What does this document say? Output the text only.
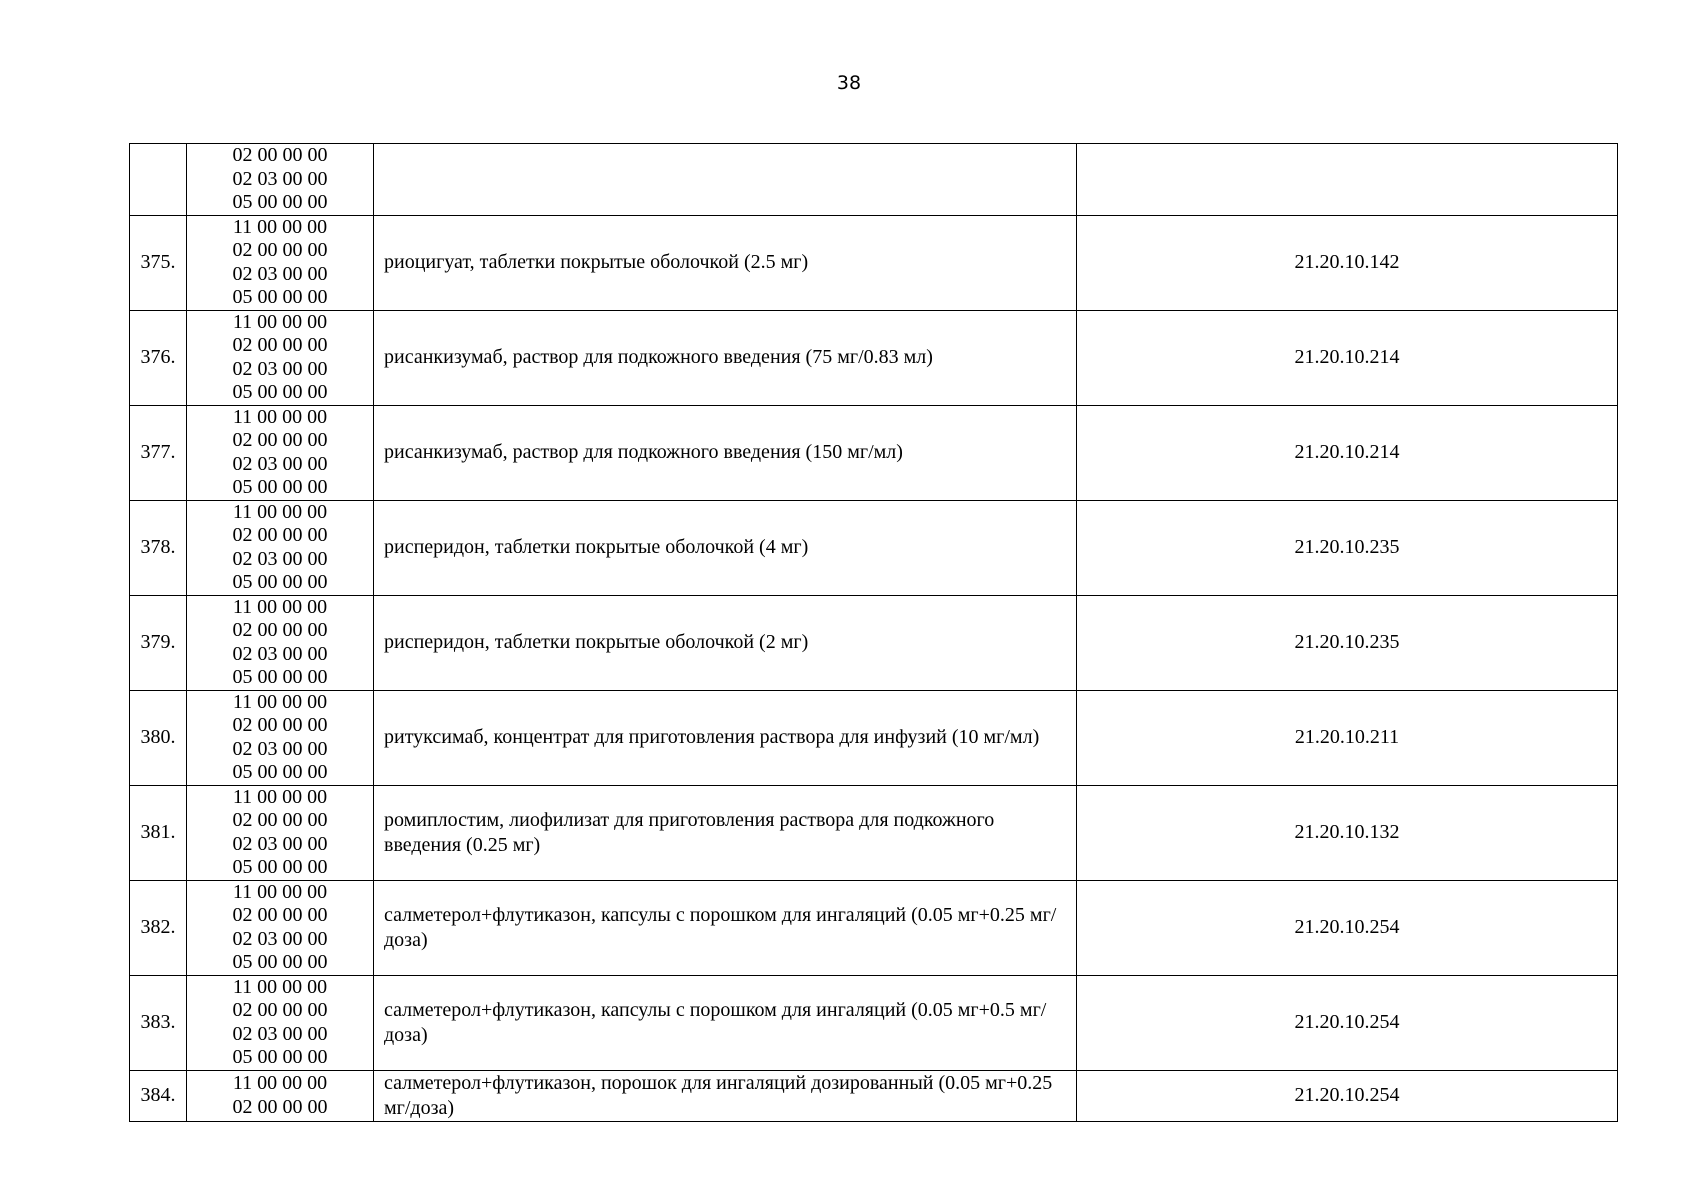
38

	02 00 00 00
02 03 00 00
05 00 00 00		

375.	11 00 00 00
02 00 00 00
02 03 00 00
05 00 00 00	риоцигуат, таблетки покрытые оболочкой (2.5 мг)	21.20.10.142
376.	11 00 00 00
02 00 00 00
02 03 00 00
05 00 00 00	рисанкизумаб, раствор для подкожного введения (75 мг/0.83 мл)	21.20.10.214
377.	11 00 00 00
02 00 00 00
02 03 00 00
05 00 00 00	рисанкизумаб, раствор для подкожного введения (150 мг/мл)	21.20.10.214
378.	11 00 00 00
02 00 00 00
02 03 00 00
05 00 00 00	рисперидон, таблетки покрытые оболочкой (4 мг)	21.20.10.235
379.	11 00 00 00
02 00 00 00
02 03 00 00
05 00 00 00	рисперидон, таблетки покрытые оболочкой (2 мг)	21.20.10.235
380.	11 00 00 00
02 00 00 00
02 03 00 00
05 00 00 00	ритуксимаб, концентрат для приготовления раствора для инфузий (10 мг/мл)	21.20.10.211
381.	11 00 00 00
02 00 00 00
02 03 00 00
05 00 00 00	ромиплостим, лиофилизат для приготовления раствора для подкожного введения (0.25 мг)	21.20.10.132
382.	11 00 00 00
02 00 00 00
02 03 00 00
05 00 00 00	салметерол+флутиказон, капсулы с порошком для ингаляций (0.05 мг+0.25 мг/доза)	21.20.10.254
383.	11 00 00 00
02 00 00 00
02 03 00 00
05 00 00 00	салметерол+флутиказон, капсулы с порошком для ингаляций (0.05 мг+0.5 мг/доза)	21.20.10.254
384.	11 00 00 00
02 00 00 00	салметерол+флутиказон, порошок для ингаляций дозированный (0.05 мг+0.25 мг/доза)	21.20.10.254
